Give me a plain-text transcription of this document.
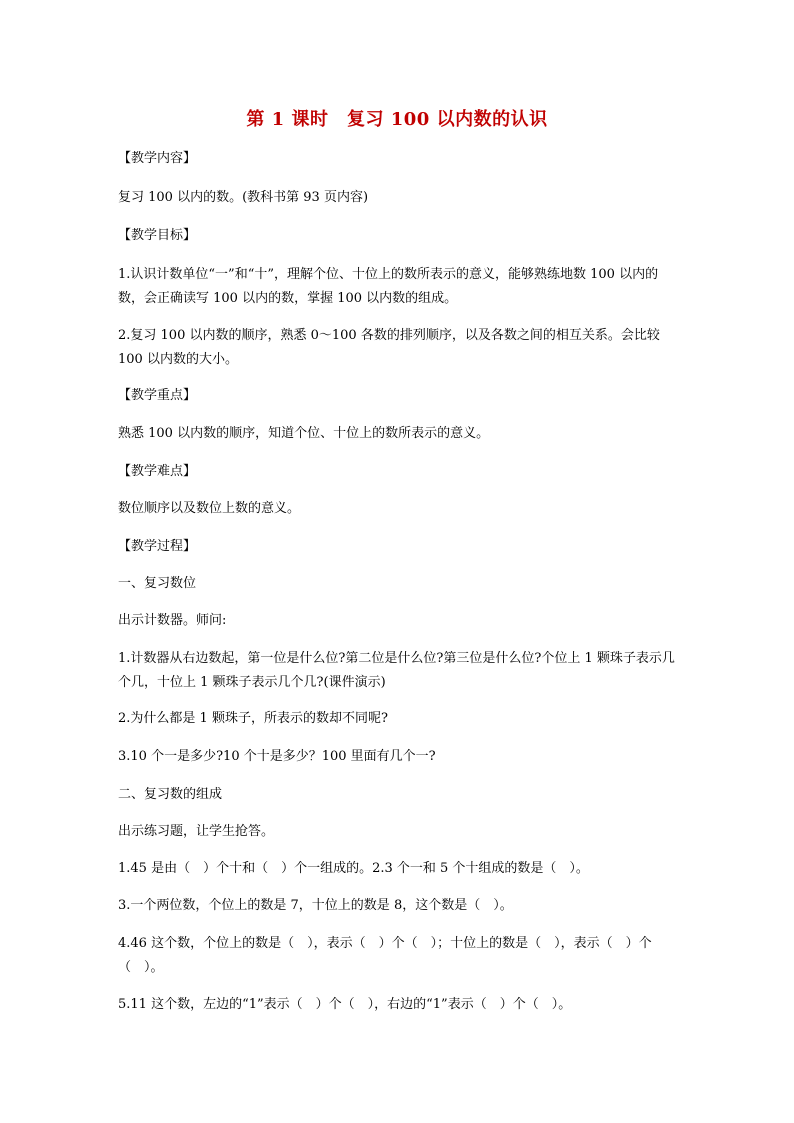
第 1 课时　复习 100 以内数的认识
【教学内容】
复习 100 以内的数。(教科书第 93 页内容)
【教学目标】
1.认识计数单位“一”和“十”，理解个位、十位上的数所表示的意义，能够熟练地数 100 以内的数，会正确读写 100 以内的数，掌握 100 以内数的组成。
2.复习 100 以内数的顺序，熟悉 0～100 各数的排列顺序，以及各数之间的相互关系。会比较 100 以内数的大小。
【教学重点】
熟悉 100 以内数的顺序，知道个位、十位上的数所表示的意义。
【教学难点】
数位顺序以及数位上数的意义。
【教学过程】
一、复习数位
出示计数器。师问:
1.计数器从右边数起，第一位是什么位?第二位是什么位?第三位是什么位?个位上 1 颗珠子表示几个几，十位上 1 颗珠子表示几个几?(课件演示)
2.为什么都是 1 颗珠子，所表示的数却不同呢?
3.10 个一是多少?10 个十是多少？100 里面有几个一?
二、复习数的组成
出示练习题，让学生抢答。
1.45 是由（　）个十和（　）个一组成的。2.3 个一和 5 个十组成的数是（　）。
3.一个两位数，个位上的数是 7，十位上的数是 8，这个数是（　）。
4.46 这个数，个位上的数是（　），表示（　）个（　）；十位上的数是（　），表示（　）个（　）。
5.11 这个数，左边的“1”表示（　）个（　），右边的“1”表示（　）个（　）。
